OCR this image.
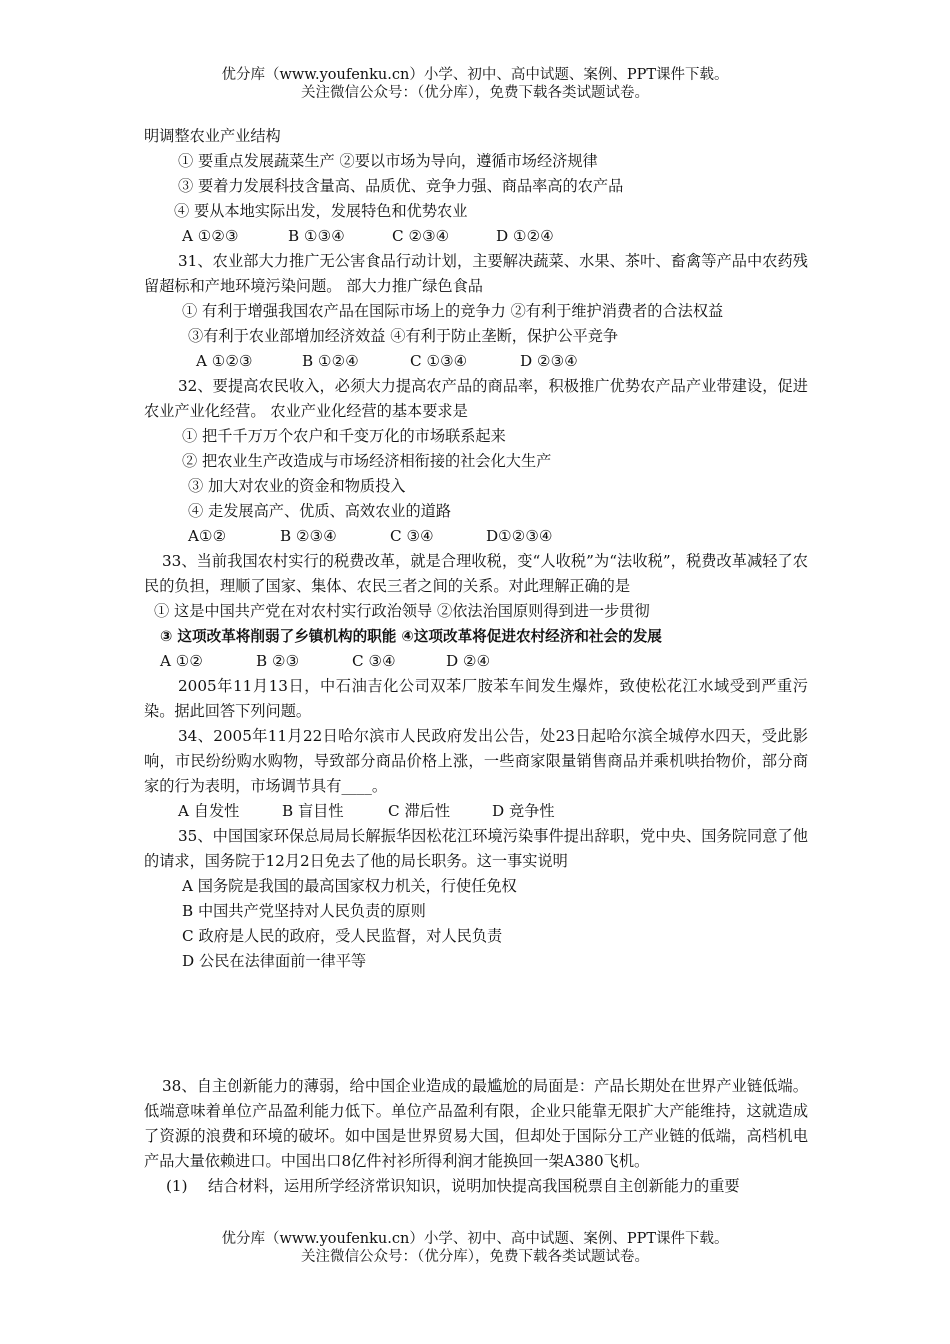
优分库（www.youfenku.cn）小学、初中、高中试题、案例、PPT课件下载。
关注微信公众号：（优分库），免费下载各类试题试卷。
明调整农业产业结构
① 要重点发展蔬菜生产 ②要以市场为导向，遵循市场经济规律
③ 要着力发展科技含量高、品质优、竞争力强、商品率高的农产品
④ 要从本地实际出发，发展特色和优势农业
A ①②③	B ①③④	C ②③④	D ①②④
31、农业部大力推广无公害食品行动计划，主要解决蔬菜、水果、茶叶、畜禽等产品中农药残留超标和产地环境污染问题。 部大力推广绿色食品
① 有利于增强我国农产品在国际市场上的竞争力 ②有利于维护消费者的合法权益
③有利于农业部增加经济效益 ④有利于防止垄断，保护公平竞争
A ①②③	B ①②④	C ①③④	D ②③④
32、要提高农民收入，必须大力提高农产品的商品率，积极推广优势农产品产业带建设，促进农业产业化经营。 农业产业化经营的基本要求是
① 把千千万万个农户和千变万化的市场联系起来
② 把农业生产改造成与市场经济相衔接的社会化大生产
③ 加大对农业的资金和物质投入
④ 走发展高产、优质、高效农业的道路
A①②	B ②③④	C ③④	D①②③④
33、当前我国农村实行的税费改革，就是合理收税，变“人收税”为“法收税”，税费改革减轻了农民的负担，理顺了国家、集体、农民三者之间的关系。对此理解正确的是
① 这是中国共产党在对农村实行政治领导 ②依法治国原则得到进一步贯彻
③ 这项改革将削弱了乡镇机构的职能 ④这项改革将促进农村经济和社会的发展
A ①②	B ②③	C ③④	D ②④
2005年11月13日，中石油吉化公司双苯厂胺苯车间发生爆炸，致使松花江水域受到严重污染。据此回答下列问题。
34、2005年11月22日哈尔滨市人民政府发出公告，处23日起哈尔滨全城停水四天，受此影响，市民纷纷购水购物，导致部分商品价格上涨，一些商家限量销售商品并乘机哄抬物价，部分商家的行为表明，市场调节具有____。
A 自发性	B 盲目性	C 滞后性	D 竞争性
35、中国国家环保总局局长解振华因松花江环境污染事件提出辞职，党中央、国务院同意了他的请求，国务院于12月2日免去了他的局长职务。这一事实说明
A 国务院是我国的最高国家权力机关，行使任免权
B 中国共产党坚持对人民负责的原则
C 政府是人民的政府，受人民监督，对人民负责
D 公民在法律面前一律平等
38、自主创新能力的薄弱，给中国企业造成的最尴尬的局面是：产品长期处在世界产业链低端。低端意味着单位产品盈利能力低下。单位产品盈利有限，企业只能靠无限扩大产能维持，这就造成了资源的浪费和环境的破坏。如中国是世界贸易大国，但却处于国际分工产业链的低端，高档机电产品大量依赖进口。中国出口8亿件衬衫所得利润才能换回一架A380飞机。
(1) 结合材料，运用所学经济常识知识，说明加快提高我国税票自主创新能力的重要
优分库（www.youfenku.cn）小学、初中、高中试题、案例、PPT课件下载。
关注微信公众号：（优分库），免费下载各类试题试卷。
